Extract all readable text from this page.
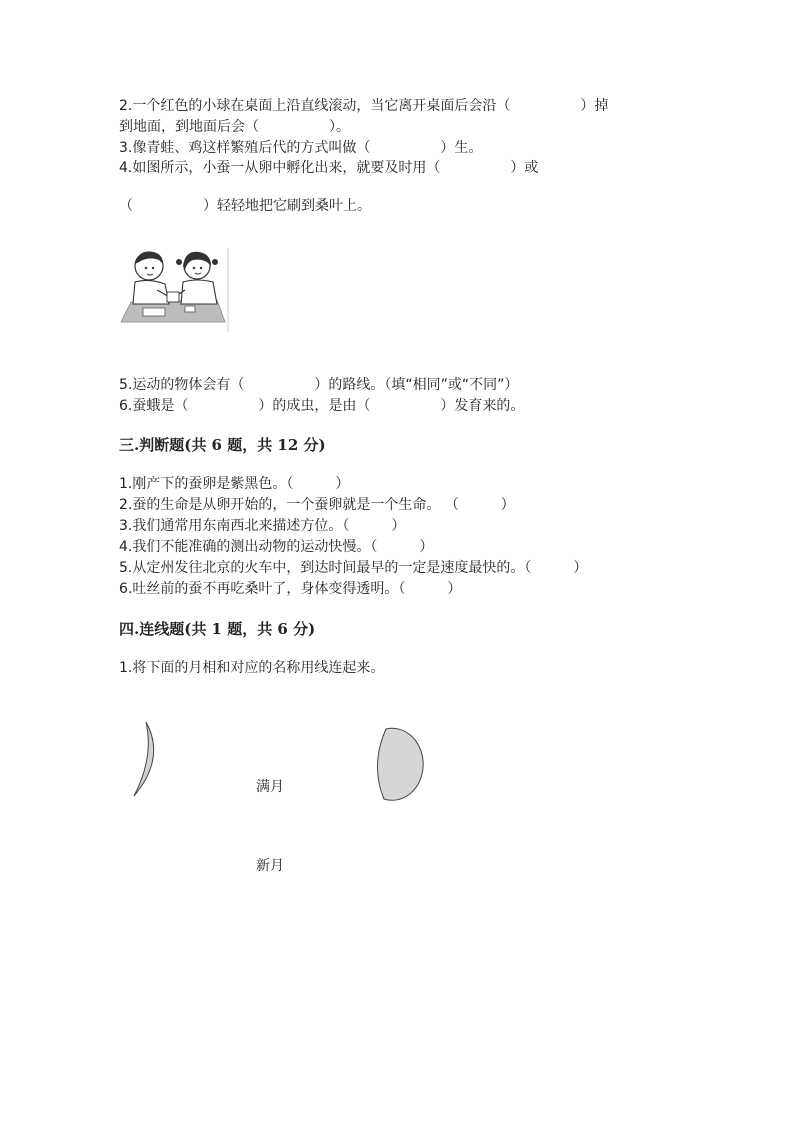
2.一个红色的小球在桌面上沿直线滚动，当它离开桌面后会沿（　　　　　）掉
到地面，到地面后会（　　　　　）。
3.像青蛙、鸡这样繁殖后代的方式叫做（　　　　　）生。
4.如图所示，小蚕一从卵中孵化出来，就要及时用（　　　　　）或
（　　　　　）轻轻地把它刷到桑叶上。
5.运动的物体会有（　　　　　）的路线。（填“相同”或“不同”）
6.蚕蛾是（　　　　　）的成虫，是由（　　　　　）发育来的。
三.判断题(共 6 题，共 12 分)
1.刚产下的蚕卵是紫黑色。（　　　）
2.蚕的生命是从卵开始的，一个蚕卵就是一个生命。 （　　　）
3.我们通常用东南西北来描述方位。（　　　）
4.我们不能准确的测出动物的运动快慢。（　　　）
5.从定州发往北京的火车中，到达时间最早的一定是速度最快的。（　　　）
6.吐丝前的蚕不再吃桑叶了，身体变得透明。（　　　）
四.连线题(共 1 题，共 6 分)
1.将下面的月相和对应的名称用线连起来。
满月
新月
